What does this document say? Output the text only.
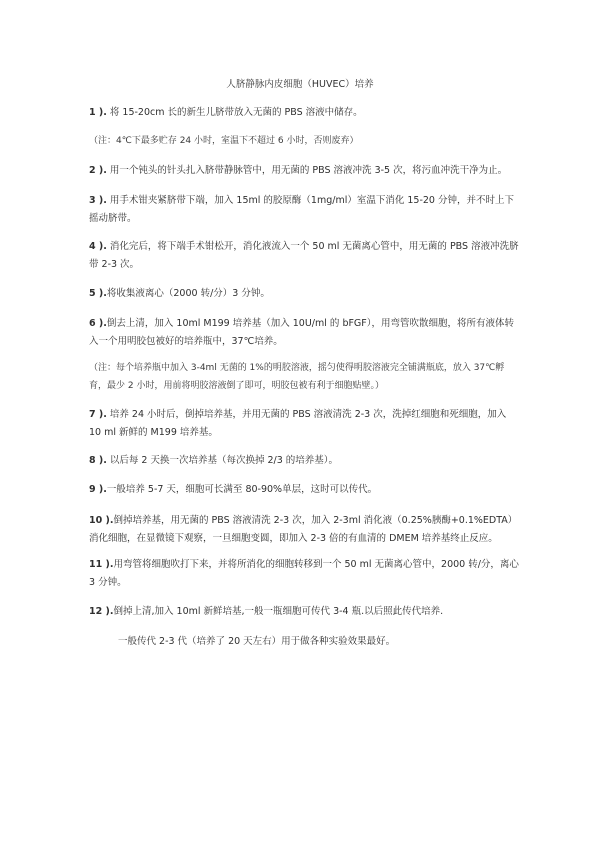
人脐静脉内皮细胞（HUVEC）培养
1 ). 将 15-20cm 长的新生儿脐带放入无菌的 PBS 溶液中储存。
（注：4℃下最多贮存 24 小时，室温下不超过 6 小时，否则废弃）
2 ). 用一个钝头的针头扎入脐带静脉管中，用无菌的 PBS 溶液冲洗 3-5 次，将污血冲洗干净为止。
3 ). 用手术钳夹紧脐带下端，加入 15ml 的胶原酶（1mg/ml）室温下消化 15-20 分钟，并不时上下摇动脐带。
4 ). 消化完后，将下端手术钳松开，消化液流入一个 50 ml 无菌离心管中，用无菌的 PBS 溶液冲洗脐带 2-3 次。
5 ).将收集液离心（2000 转/分）3 分钟。
6 ).倒去上清，加入 10ml M199 培养基（加入 10U/ml 的 bFGF），用弯管吹散细胞，将所有液体转入一个用明胶包被好的培养瓶中，37℃培养。
（注：每个培养瓶中加入 3-4ml 无菌的 1%的明胶溶液，摇匀使得明胶溶液完全铺满瓶底，放入 37℃孵育，最少 2 小时，用前将明胶溶液倒了即可，明胶包被有利于细胞贴壁。）
7 ). 培养 24 小时后，倒掉培养基，并用无菌的 PBS 溶液清洗 2-3 次，洗掉红细胞和死细胞，加入 10 ml 新鲜的 M199 培养基。
8 ). 以后每 2 天换一次培养基（每次换掉 2/3 的培养基）。
9 ).一般培养 5-7 天，细胞可长满至 80-90%单层，这时可以传代。
10 ).倒掉培养基，用无菌的 PBS 溶液清洗 2-3 次，加入 2-3ml 消化液（0.25%胰酶+0.1%EDTA）消化细胞，在显微镜下观察，一旦细胞变圆，即加入 2-3 倍的有血清的 DMEM 培养基终止反应。
11 ).用弯管将细胞吹打下来，并将所消化的细胞转移到一个 50 ml 无菌离心管中，2000 转/分，离心 3 分钟。
12 ).倒掉上清,加入 10ml 新鲜培基,一般一瓶细胞可传代 3-4 瓶.以后照此传代培养.
一般传代 2-3 代（培养了 20 天左右）用于做各种实验效果最好。
